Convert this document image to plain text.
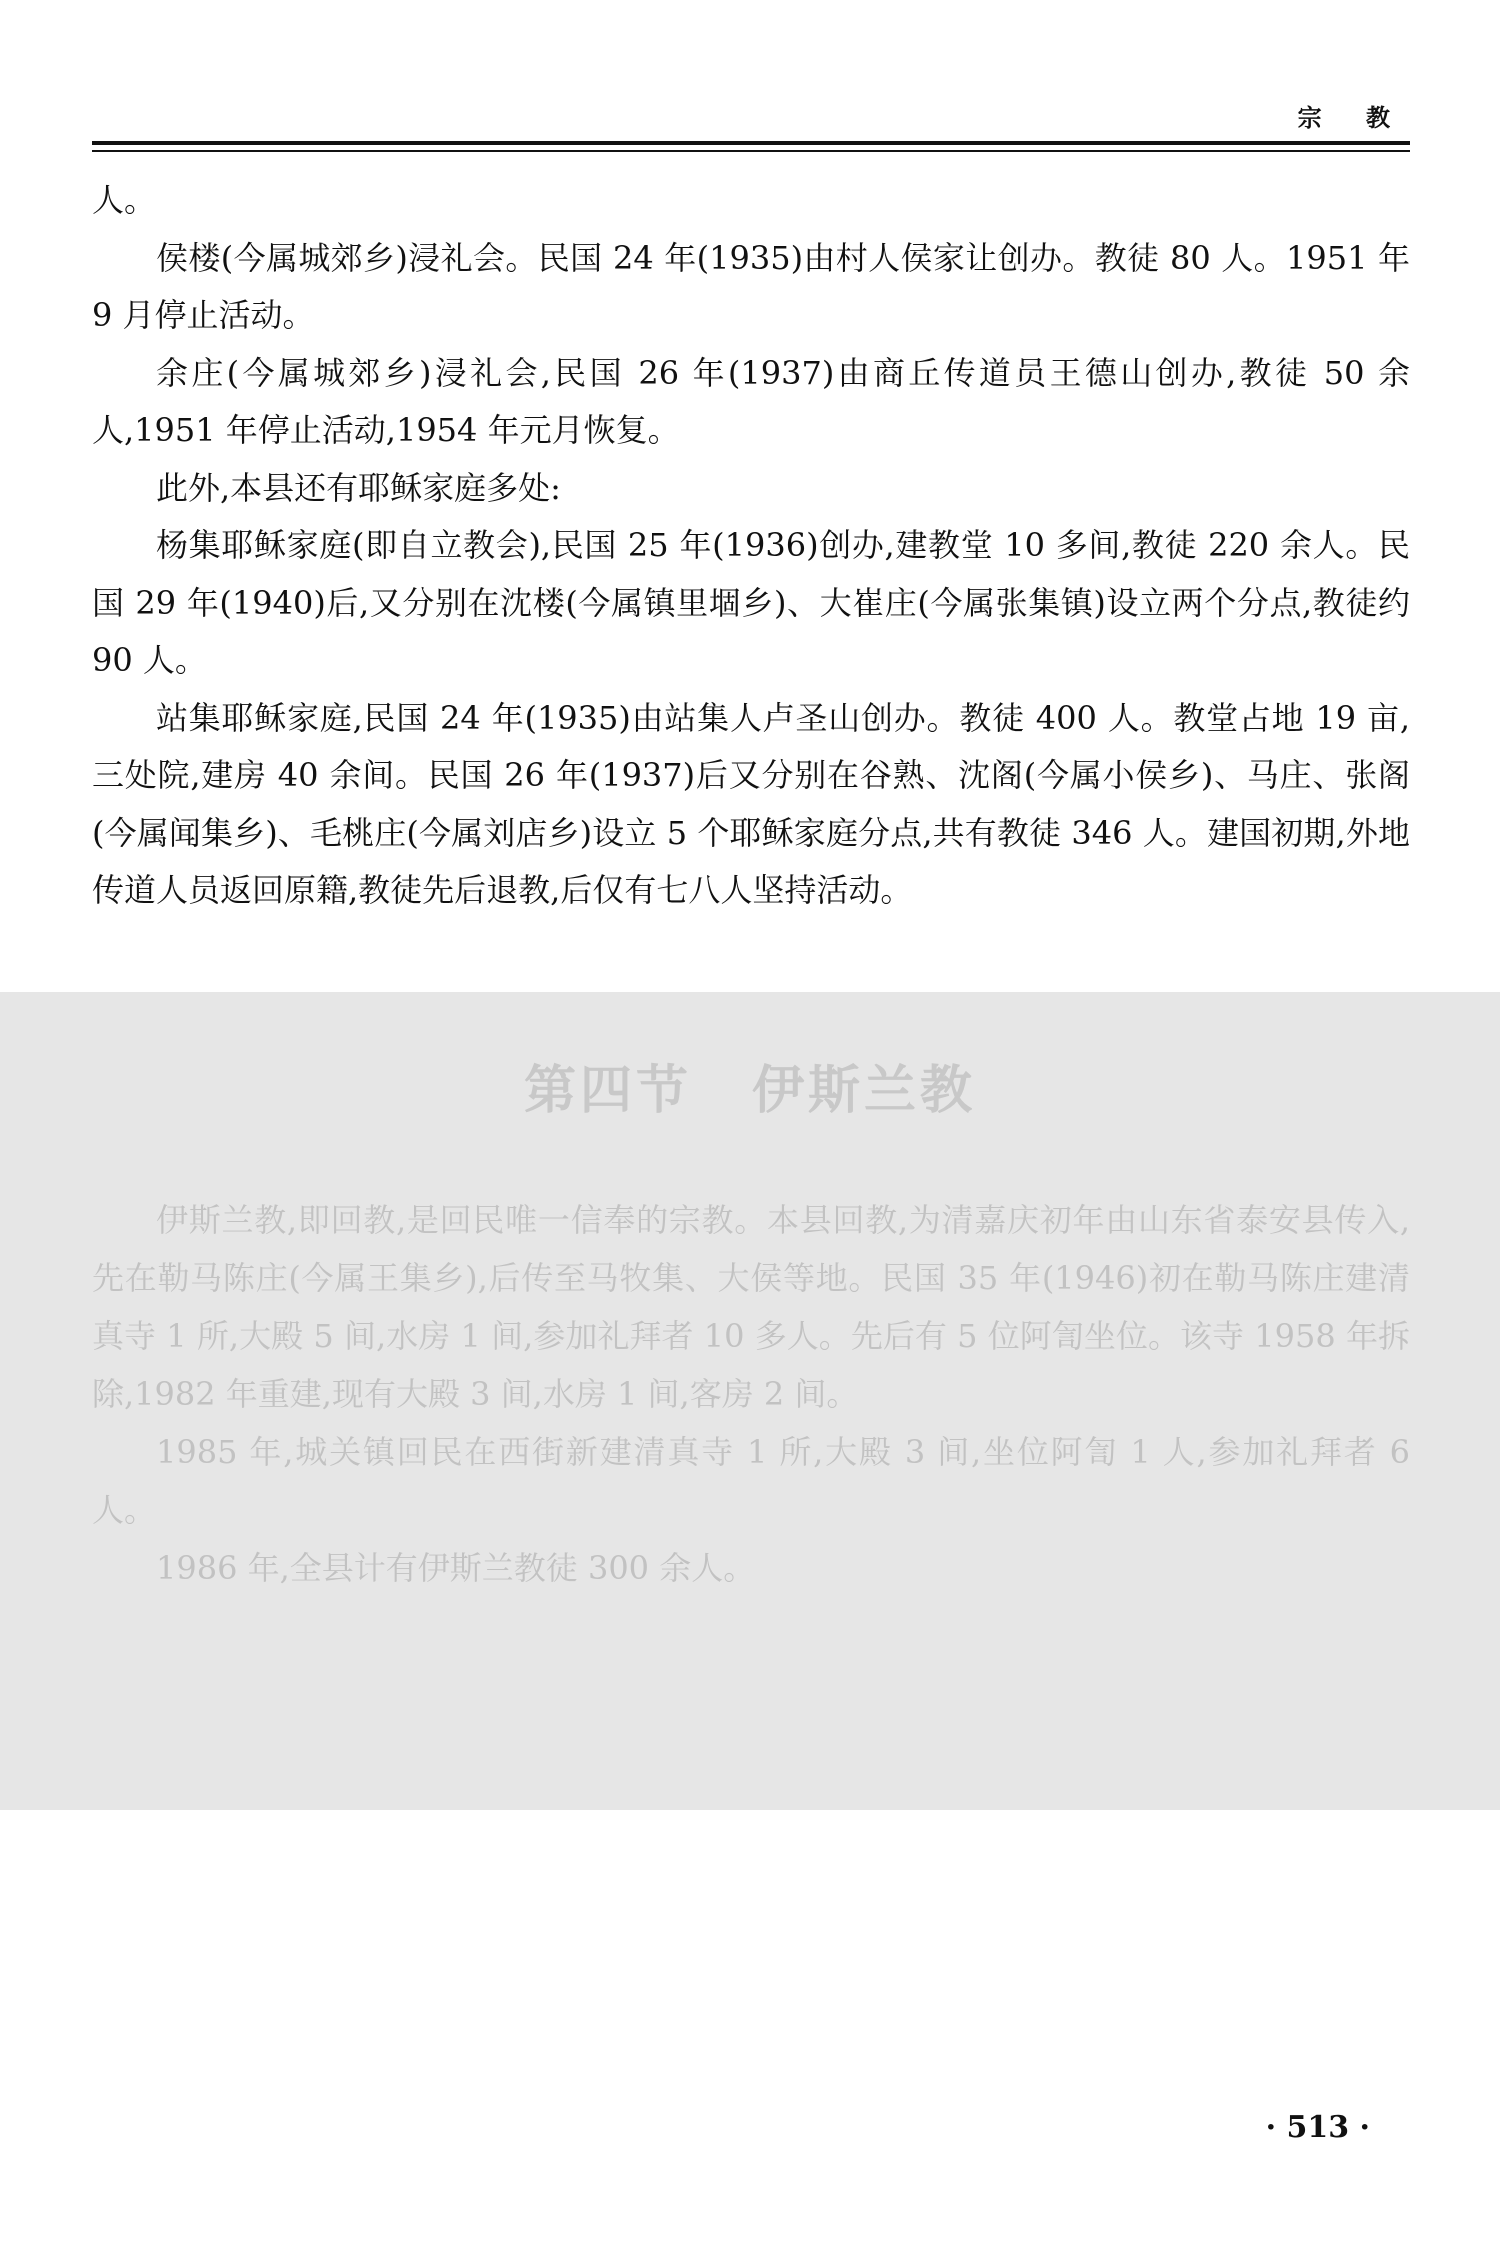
宗 教

人。

侯楼(今属城郊乡)浸礼会。民国 24 年(1935)由村人侯家让创办。教徒 80 人。1951 年 9 月停止活动。

余庄(今属城郊乡)浸礼会,民国 26 年(1937)由商丘传道员王德山创办,教徒 50 余人,1951 年停止活动,1954 年元月恢复。

此外,本县还有耶稣家庭多处:

杨集耶稣家庭(即自立教会),民国 25 年(1936)创办,建教堂 10 多间,教徒 220 余人。民国 29 年(1940)后,又分别在沈楼(今属镇里堌乡)、大崔庄(今属张集镇)设立两个分点,教徒约 90 人。

站集耶稣家庭,民国 24 年(1935)由站集人卢圣山创办。教徒 400 人。教堂占地 19 亩,三处院,建房 40 余间。民国 26 年(1937)后又分别在谷熟、沈阁(今属小侯乡)、马庄、张阁(今属闻集乡)、毛桃庄(今属刘店乡)设立 5 个耶稣家庭分点,共有教徒 346 人。建国初期,外地传道人员返回原籍,教徒先后退教,后仅有七八人坚持活动。

第四节 伊斯兰教

伊斯兰教,即回教,是回民唯一信奉的宗教。本县回教,为清嘉庆初年由山东省泰安县传入,先在勒马陈庄(今属王集乡),后传至马牧集、大侯等地。民国 35 年(1946)初在勒马陈庄建清真寺 1 所,大殿 5 间,水房 1 间,参加礼拜者 10 多人。先后有 5 位阿訇坐位。该寺 1958 年拆除,1982 年重建,现有大殿 3 间,水房 1 间,客房 2 间。

1985 年,城关镇回民在西街新建清真寺 1 所,大殿 3 间,坐位阿訇 1 人,参加礼拜者 6 人。

1986 年,全县计有伊斯兰教徒 300 余人。

· 513 ·
